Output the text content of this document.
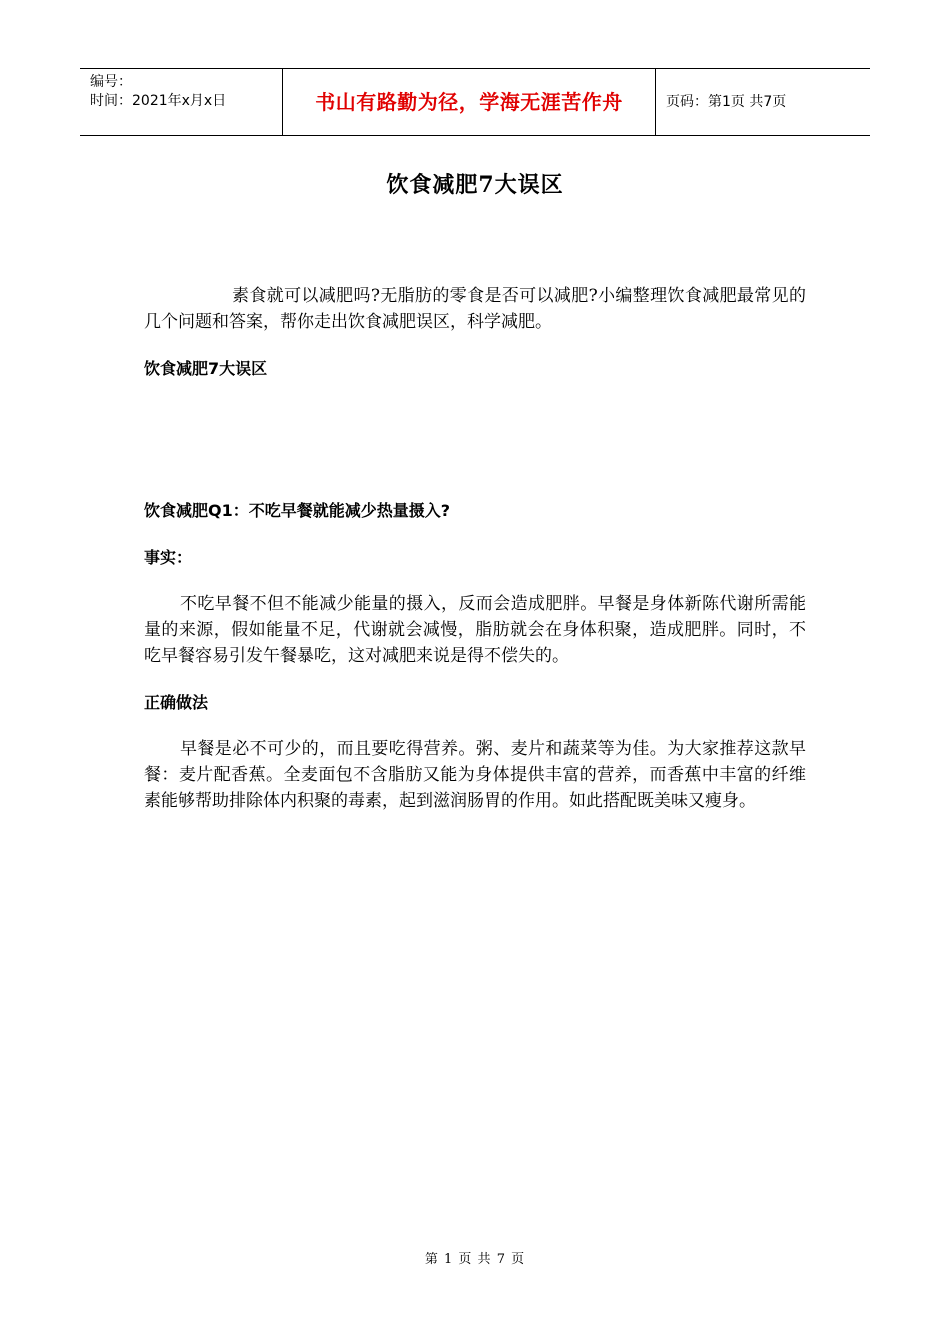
编号：
时间：2021年x月x日	书山有路勤为径，学海无涯苦作舟	页码：第1页 共7页
饮食减肥7大误区

素食就可以减肥吗?无脂肪的零食是否可以减肥?小编整理饮食减肥最常见的几个问题和答案，帮你走出饮食减肥误区，科学减肥。

饮食减肥7大误区

饮食减肥Q1：不吃早餐就能减少热量摄入?

事实：

不吃早餐不但不能减少能量的摄入，反而会造成肥胖。早餐是身体新陈代谢所需能量的来源，假如能量不足，代谢就会减慢，脂肪就会在身体积聚，造成肥胖。同时，不吃早餐容易引发午餐暴吃，这对减肥来说是得不偿失的。

正确做法

早餐是必不可少的，而且要吃得营养。粥、麦片和蔬菜等为佳。为大家推荐这款早餐：麦片配香蕉。全麦面包不含脂肪又能为身体提供丰富的营养，而香蕉中丰富的纤维素能够帮助排除体内积聚的毒素，起到滋润肠胃的作用。如此搭配既美味又瘦身。

第 1 页 共 7 页
